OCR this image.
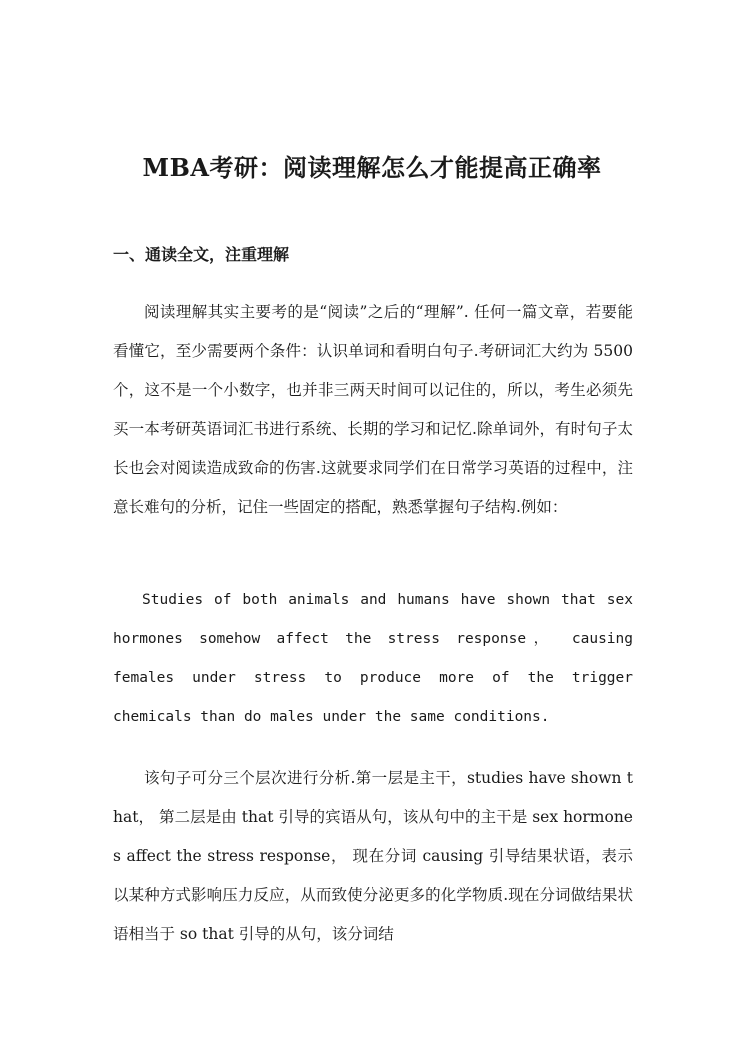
MBA考研：阅读理解怎么才能提高正确率
一、通读全文，注重理解

阅读理解其实主要考的是“阅读”之后的“理解”. 任何一篇文章，若要能看懂它，至少需要两个条件：认识单词和看明白句子.考研词汇大约为 5500 个，这不是一个小数字，也并非三两天时间可以记住的，所以，考生必须先买一本考研英语词汇书进行系统、长期的学习和记忆.除单词外，有时句子太长也会对阅读造成致命的伤害.这就要求同学们在日常学习英语的过程中，注意长难句的分析，记住一些固定的搭配，熟悉掌握句子结构.例如：

Studies of both animals and humans have shown that sex hormones somehow affect the stress response， causing females under stress to produce more of the trigger chemicals than do males under the same conditions.

该句子可分三个层次进行分析.第一层是主干，studies have shown that， 第二层是由 that 引导的宾语从句，该从句中的主干是 sex hormones affect the stress response， 现在分词 causing 引导结果状语，表示以某种方式影响压力反应，从而致使分泌更多的化学物质.现在分词做结果状语相当于 so that 引导的从句，该分词结
